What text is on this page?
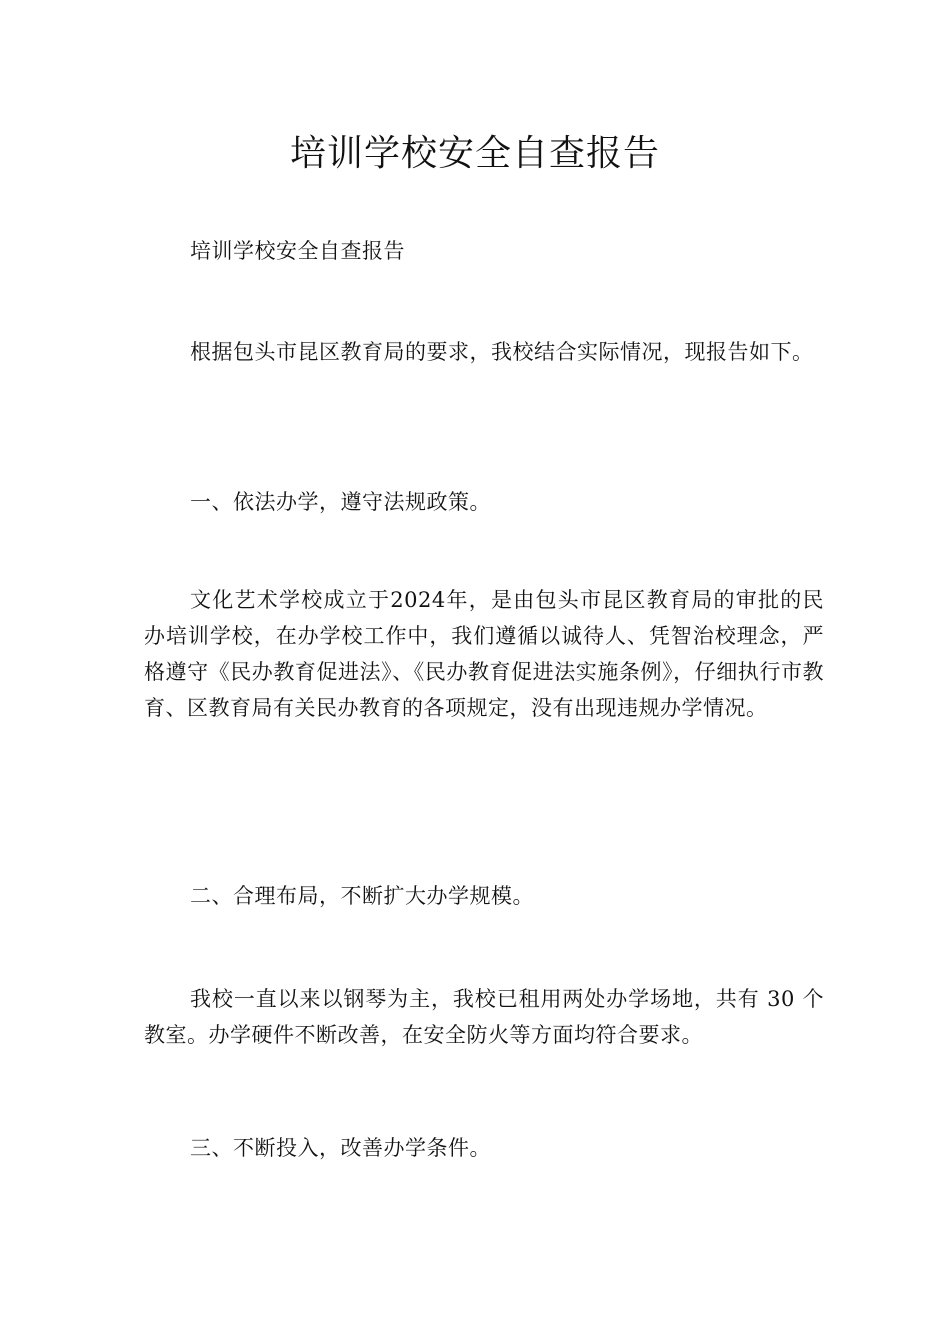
培训学校安全自查报告

培训学校安全自查报告

根据包头市昆区教育局的要求，我校结合实际情况，现报告如下。

一、依法办学，遵守法规政策。

文化艺术学校成立于2024年，是由包头市昆区教育局的审批的民办培训学校，在办学校工作中，我们遵循以诚待人、凭智治校理念，严格遵守《民办教育促进法》、《民办教育促进法实施条例》，仔细执行市教育、区教育局有关民办教育的各项规定，没有出现违规办学情况。

二、合理布局，不断扩大办学规模。

我校一直以来以钢琴为主，我校已租用两处办学场地，共有 30 个教室。办学硬件不断改善，在安全防火等方面均符合要求。

三、不断投入，改善办学条件。
